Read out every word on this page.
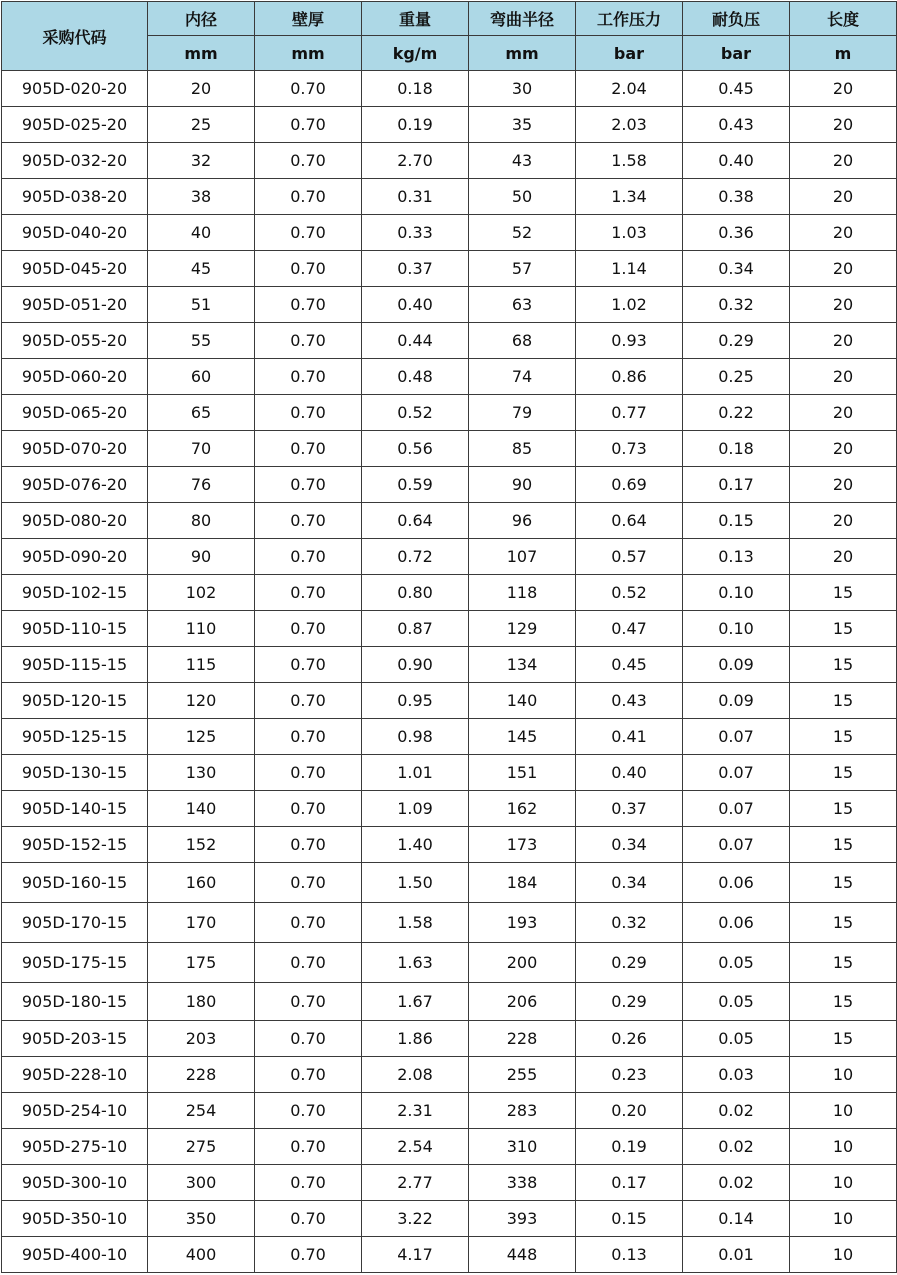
采购代码	内径	壁厚	重量	弯曲半径	工作压力	耐负压	长度
	mm	mm	kg/m	mm	bar	bar	m
905D-020-20	20	0.70	0.18	30	2.04	0.45	20
905D-025-20	25	0.70	0.19	35	2.03	0.43	20
905D-032-20	32	0.70	2.70	43	1.58	0.40	20
905D-038-20	38	0.70	0.31	50	1.34	0.38	20
905D-040-20	40	0.70	0.33	52	1.03	0.36	20
905D-045-20	45	0.70	0.37	57	1.14	0.34	20
905D-051-20	51	0.70	0.40	63	1.02	0.32	20
905D-055-20	55	0.70	0.44	68	0.93	0.29	20
905D-060-20	60	0.70	0.48	74	0.86	0.25	20
905D-065-20	65	0.70	0.52	79	0.77	0.22	20
905D-070-20	70	0.70	0.56	85	0.73	0.18	20
905D-076-20	76	0.70	0.59	90	0.69	0.17	20
905D-080-20	80	0.70	0.64	96	0.64	0.15	20
905D-090-20	90	0.70	0.72	107	0.57	0.13	20
905D-102-15	102	0.70	0.80	118	0.52	0.10	15
905D-110-15	110	0.70	0.87	129	0.47	0.10	15
905D-115-15	115	0.70	0.90	134	0.45	0.09	15
905D-120-15	120	0.70	0.95	140	0.43	0.09	15
905D-125-15	125	0.70	0.98	145	0.41	0.07	15
905D-130-15	130	0.70	1.01	151	0.40	0.07	15
905D-140-15	140	0.70	1.09	162	0.37	0.07	15
905D-152-15	152	0.70	1.40	173	0.34	0.07	15
905D-160-15	160	0.70	1.50	184	0.34	0.06	15
905D-170-15	170	0.70	1.58	193	0.32	0.06	15
905D-175-15	175	0.70	1.63	200	0.29	0.05	15
905D-180-15	180	0.70	1.67	206	0.29	0.05	15
905D-203-15	203	0.70	1.86	228	0.26	0.05	15
905D-228-10	228	0.70	2.08	255	0.23	0.03	10
905D-254-10	254	0.70	2.31	283	0.20	0.02	10
905D-275-10	275	0.70	2.54	310	0.19	0.02	10
905D-300-10	300	0.70	2.77	338	0.17	0.02	10
905D-350-10	350	0.70	3.22	393	0.15	0.14	10
905D-400-10	400	0.70	4.17	448	0.13	0.01	10
